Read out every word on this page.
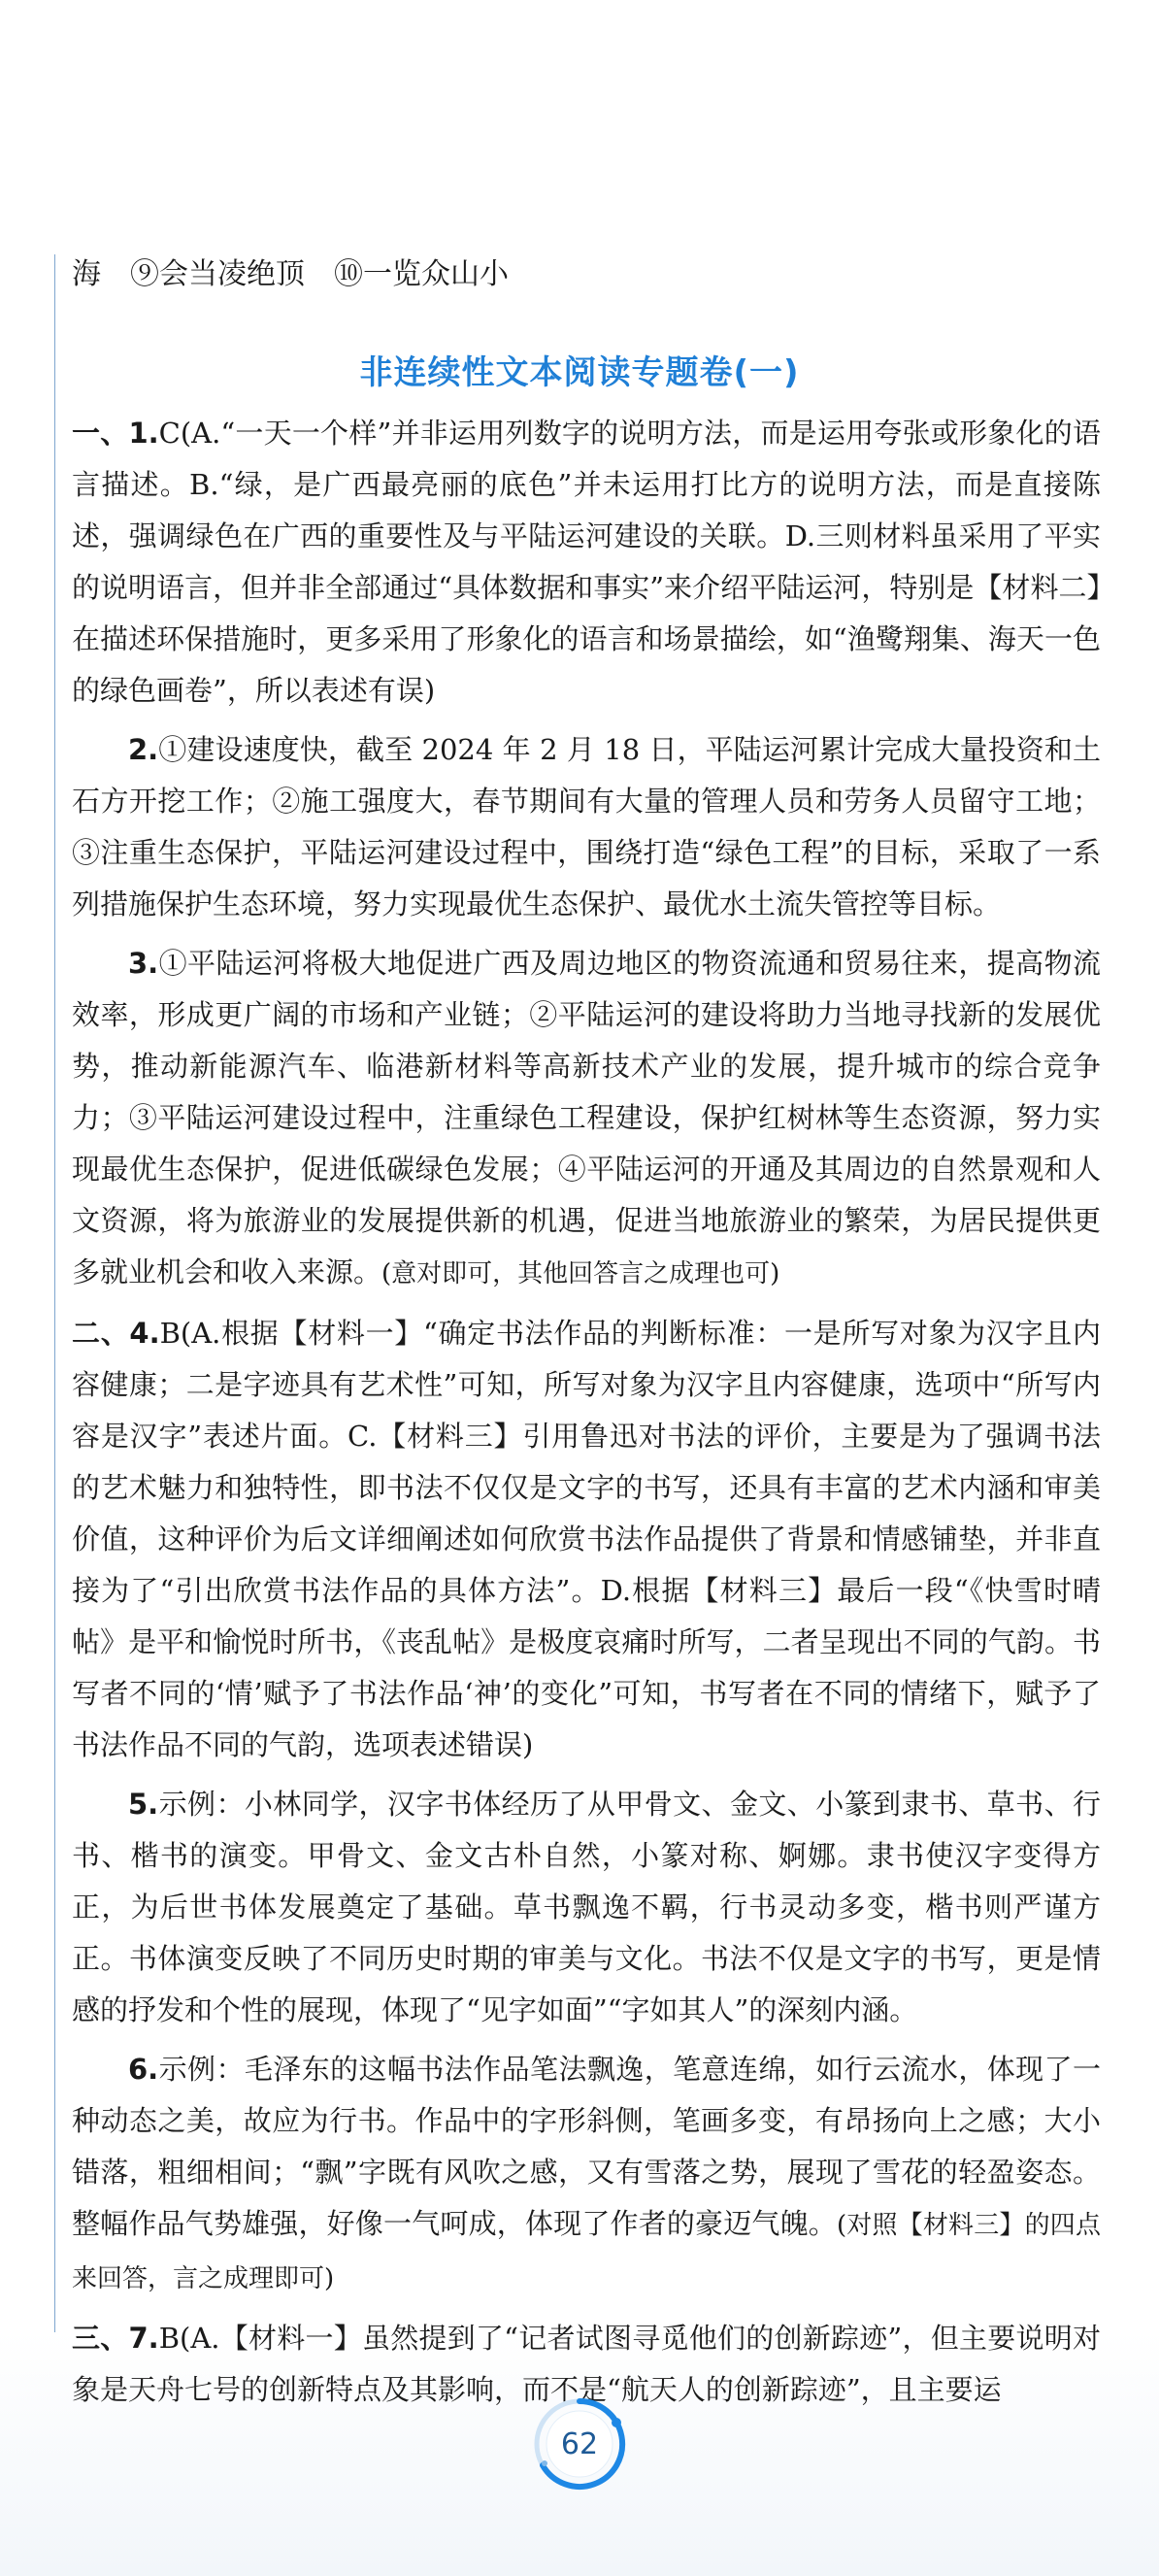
海　⑨会当凌绝顶　⑩一览众山小
非连续性文本阅读专题卷(一)

一、1.C(A.“一天一个样”并非运用列数字的说明方法，而是运用夸张或形象化的语言描述。B.“绿，是广西最亮丽的底色”并未运用打比方的说明方法，而是直接陈述，强调绿色在广西的重要性及与平陆运河建设的关联。D.三则材料虽采用了平实的说明语言，但并非全部通过“具体数据和事实”来介绍平陆运河，特别是【材料二】在描述环保措施时，更多采用了形象化的语言和场景描绘，如“渔鹭翔集、海天一色的绿色画卷”，所以表述有误)

2.①建设速度快，截至 2024 年 2 月 18 日，平陆运河累计完成大量投资和土石方开挖工作；②施工强度大，春节期间有大量的管理人员和劳务人员留守工地；③注重生态保护，平陆运河建设过程中，围绕打造“绿色工程”的目标，采取了一系列措施保护生态环境，努力实现最优生态保护、最优水土流失管控等目标。

3.①平陆运河将极大地促进广西及周边地区的物资流通和贸易往来，提高物流效率，形成更广阔的市场和产业链；②平陆运河的建设将助力当地寻找新的发展优势，推动新能源汽车、临港新材料等高新技术产业的发展，提升城市的综合竞争力；③平陆运河建设过程中，注重绿色工程建设，保护红树林等生态资源，努力实现最优生态保护，促进低碳绿色发展；④平陆运河的开通及其周边的自然景观和人文资源，将为旅游业的发展提供新的机遇，促进当地旅游业的繁荣，为居民提供更多就业机会和收入来源。(意对即可，其他回答言之成理也可)

二、4.B(A.根据【材料一】“确定书法作品的判断标准：一是所写对象为汉字且内容健康；二是字迹具有艺术性”可知，所写对象为汉字且内容健康，选项中“所写内容是汉字”表述片面。C.【材料三】引用鲁迅对书法的评价，主要是为了强调书法的艺术魅力和独特性，即书法不仅仅是文字的书写，还具有丰富的艺术内涵和审美价值，这种评价为后文详细阐述如何欣赏书法作品提供了背景和情感铺垫，并非直接为了“引出欣赏书法作品的具体方法”。D.根据【材料三】最后一段“《快雪时晴帖》是平和愉悦时所书，《丧乱帖》是极度哀痛时所写，二者呈现出不同的气韵。书写者不同的‘情’赋予了书法作品‘神’的变化”可知，书写者在不同的情绪下，赋予了书法作品不同的气韵，选项表述错误)

5.示例：小林同学，汉字书体经历了从甲骨文、金文、小篆到隶书、草书、行书、楷书的演变。甲骨文、金文古朴自然，小篆对称、婀娜。隶书使汉字变得方正，为后世书体发展奠定了基础。草书飘逸不羁，行书灵动多变，楷书则严谨方正。书体演变反映了不同历史时期的审美与文化。书法不仅是文字的书写，更是情感的抒发和个性的展现，体现了“见字如面”“字如其人”的深刻内涵。

6.示例：毛泽东的这幅书法作品笔法飘逸，笔意连绵，如行云流水，体现了一种动态之美，故应为行书。作品中的字形斜侧，笔画多变，有昂扬向上之感；大小错落，粗细相间；“飘”字既有风吹之感，又有雪落之势，展现了雪花的轻盈姿态。整幅作品气势雄强，好像一气呵成，体现了作者的豪迈气魄。(对照【材料三】的四点来回答，言之成理即可)

三、7.B(A.【材料一】虽然提到了“记者试图寻觅他们的创新踪迹”，但主要说明对象是天舟七号的创新特点及其影响，而不是“航天人的创新踪迹”，且主要运

62
